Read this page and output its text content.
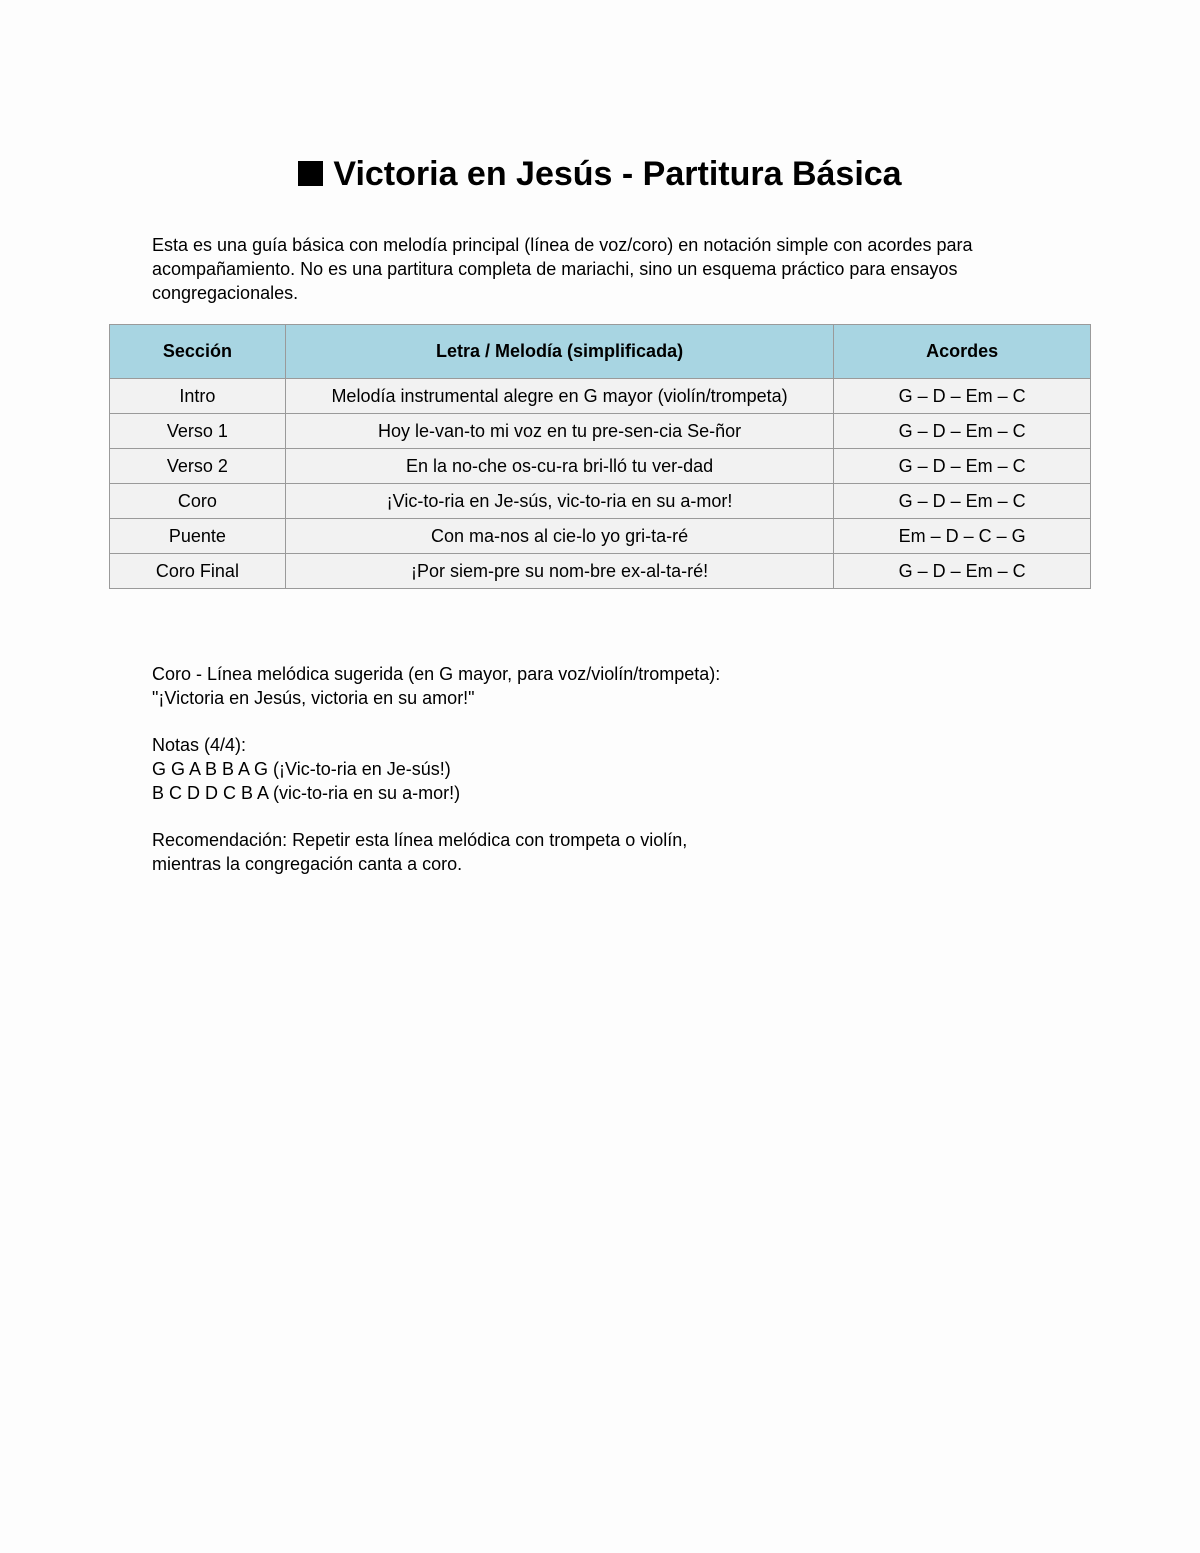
Victoria en Jesús - Partitura Básica

Esta es una guía básica con melodía principal (línea de voz/coro) en notación simple con acordes para acompañamiento. No es una partitura completa de mariachi, sino un esquema práctico para ensayos congregacionales.

Sección	Letra / Melodía (simplificada)	Acordes
Intro	Melodía instrumental alegre en G mayor (violín/trompeta)	G – D – Em – C
Verso 1	Hoy le-van-to mi voz en tu pre-sen-cia Se-ñor	G – D – Em – C
Verso 2	En la no-che os-cu-ra bri-lló tu ver-dad	G – D – Em – C
Coro	¡Vic-to-ria en Je-sús, vic-to-ria en su a-mor!	G – D – Em – C
Puente	Con ma-nos al cie-lo yo gri-ta-ré	Em – D – C – G
Coro Final	¡Por siem-pre su nom-bre ex-al-ta-ré!	G – D – Em – C

Coro - Línea melódica sugerida (en G mayor, para voz/violín/trompeta):

"¡Victoria en Jesús, victoria en su amor!"

Notas (4/4):

G G A B B A G (¡Vic-to-ria en Je-sús!)

B C D D C B A (vic-to-ria en su a-mor!)

Recomendación: Repetir esta línea melódica con trompeta o violín,

mientras la congregación canta a coro.
